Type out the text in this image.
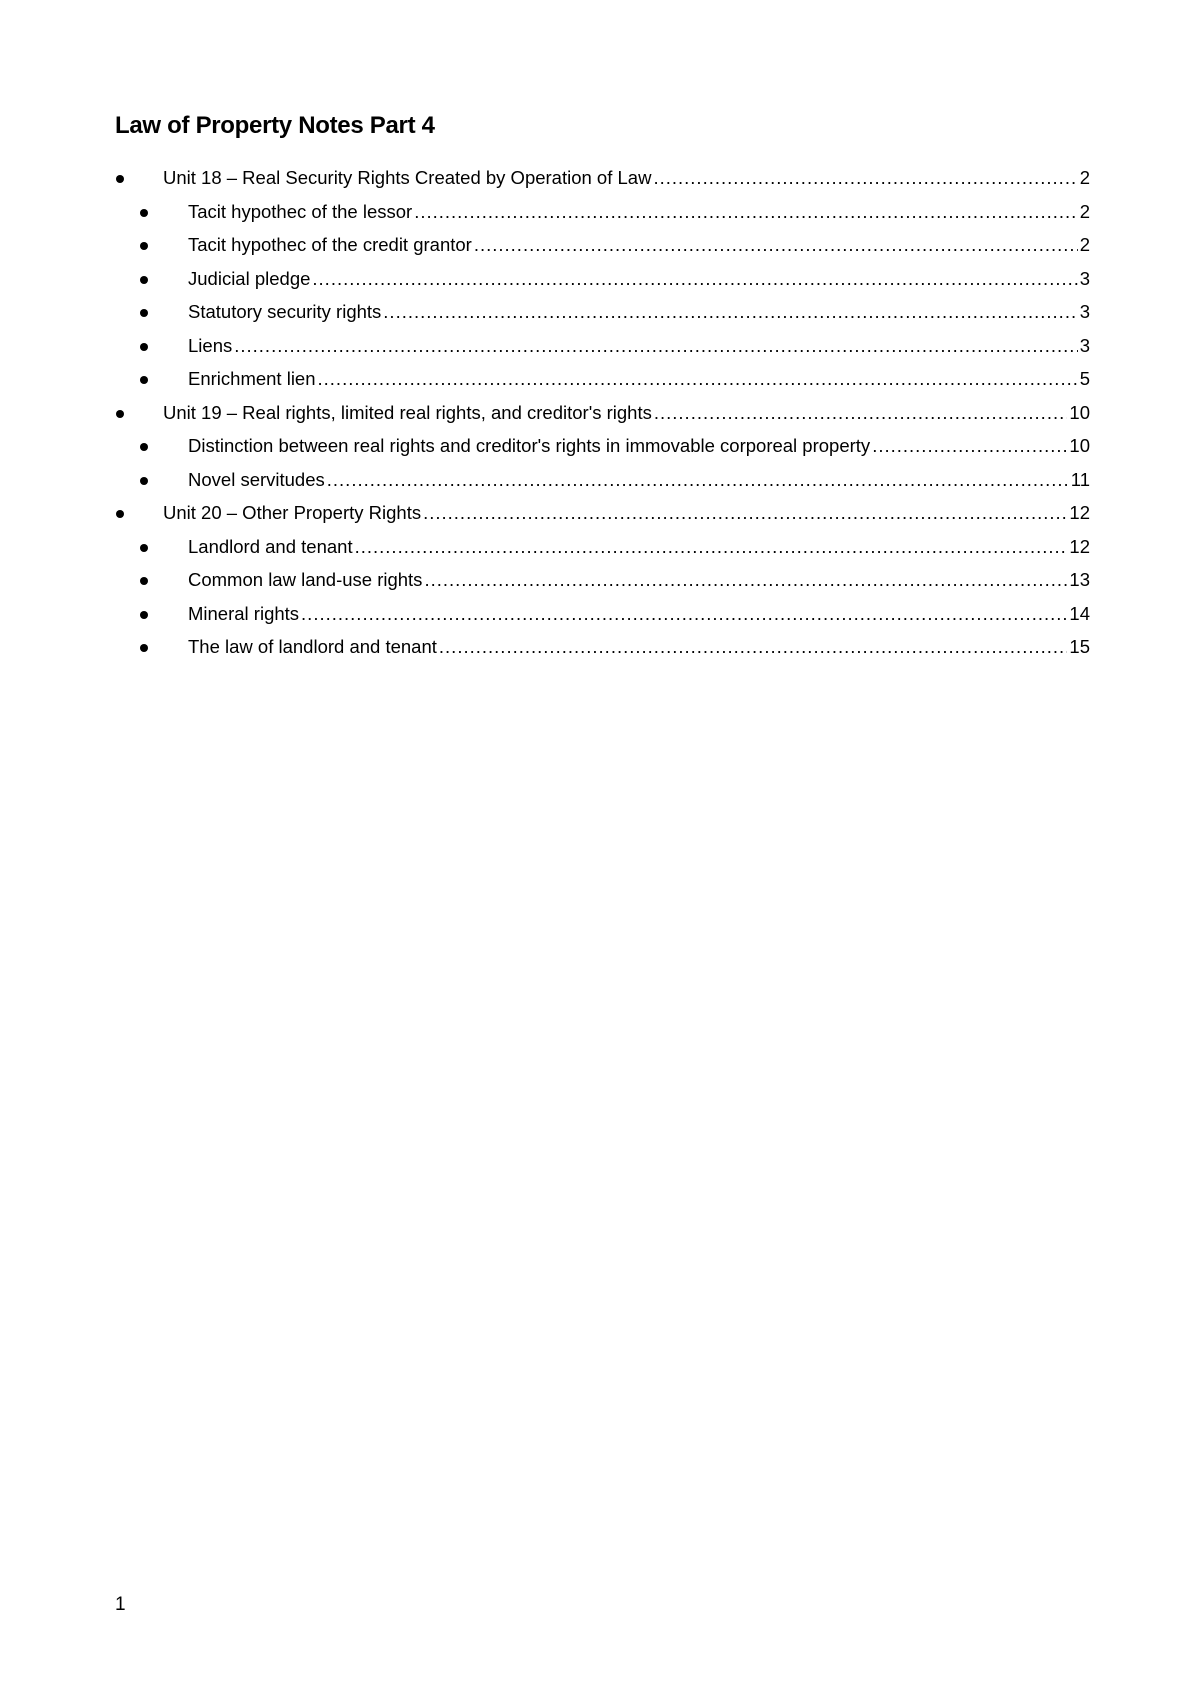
Law of Property Notes Part 4
Unit 18 – Real Security Rights Created by Operation of Law .....	2
Tacit hypothec of the lessor .....	2
Tacit hypothec of the credit grantor .....	2
Judicial pledge .....	3
Statutory security rights .....	3
Liens .....	3
Enrichment lien .....	5
Unit 19 – Real rights, limited real rights, and creditor's rights .....	10
Distinction between real rights and creditor's rights in immovable corporeal property .....	10
Novel servitudes .....	11
Unit 20 – Other Property Rights .....	12
Landlord and tenant .....	12
Common law land-use rights .....	13
Mineral rights .....	14
The law of landlord and tenant .....	15
1
